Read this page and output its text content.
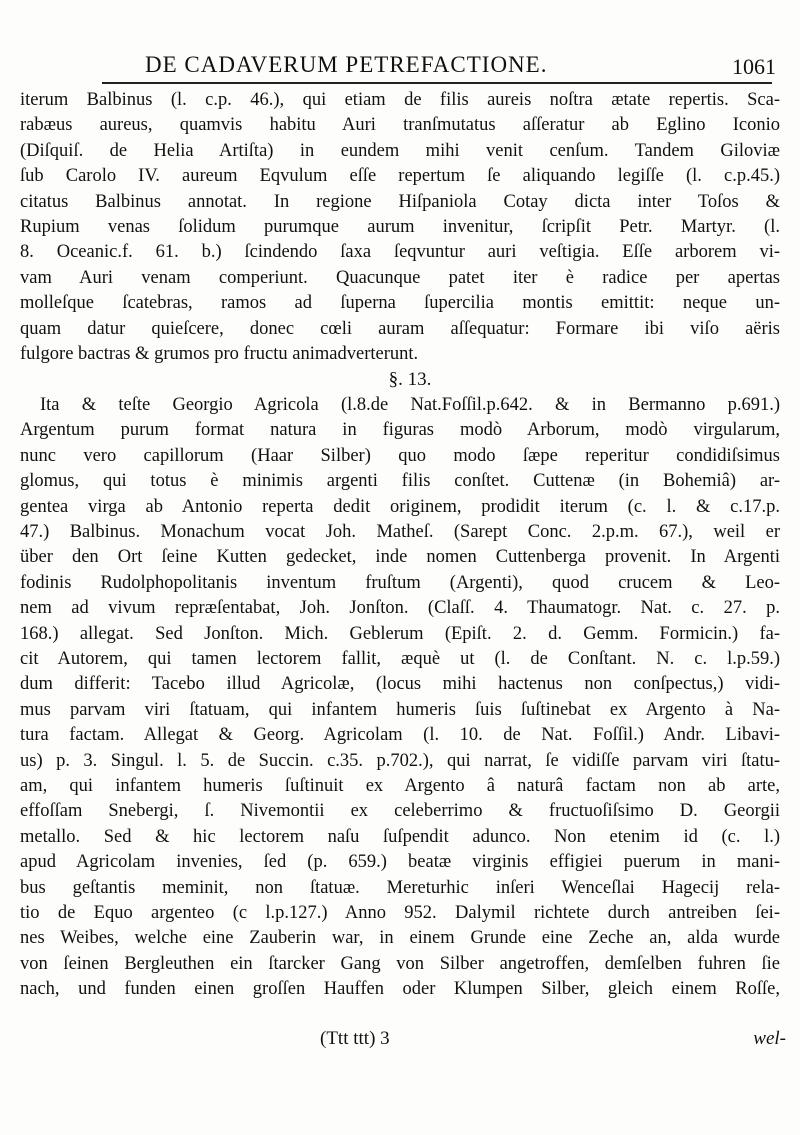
DE CADAVERUM PETREFACTIONE.	1061
iterum Balbinus (l. c.p. 46.), qui etiam de filis aureis noſtra ætate repertis. Sca-
rabæus aureus, quamvis habitu Auri tranſmutatus aſſeratur ab Eglino Iconio
(Diſquiſ. de Helia Artiſta) in eundem mihi venit cenſum. Tandem Giloviæ
ſub Carolo IV. aureum Eqvulum eſſe repertum ſe aliquando legiſſe (l. c.p.45.)
citatus Balbinus annotat. In regione Hiſpaniola Cotay dicta inter Toſos &
Rupium venas ſolidum purumque aurum invenitur, ſcripſit Petr. Martyr. (l.
8. Oceanic.f. 61. b.) ſcindendo ſaxa ſeqvuntur auri veſtigia. Eſſe arborem vi-
vam Auri venam comperiunt. Quacunque patet iter è radice per apertas
molleſque ſcatebras, ramos ad ſuperna ſupercilia montis emittit: neque un-
quam datur quieſcere, donec cœli auram aſſequatur: Formare ibi viſo aëris
fulgore bactras & grumos pro fructu animadverterunt.
§. 13.
Ita & teſte Georgio Agricola (l.8.de Nat.Foſſil.p.642. & in Bermanno p.691.)
Argentum purum format natura in figuras modò Arborum, modò virgularum,
nunc vero capillorum (Haar Silber) quo modo ſæpe reperitur condidiſsimus
glomus, qui totus è minimis argenti filis conſtet. Cuttenæ (in Bohemiâ) ar-
gentea virga ab Antonio reperta dedit originem, prodidit iterum (c. l. & c.17.p.
47.) Balbinus. Monachum vocat Joh. Matheſ. (Sarept Conc. 2.p.m. 67.), weil er
über den Ort ſeine Kutten gedecket, inde nomen Cuttenberga provenit. In Argenti
fodinis Rudolphopolitanis inventum fruſtum (Argenti), quod crucem & Leo-
nem ad vivum repræſentabat, Joh. Jonſton. (Claſſ. 4. Thaumatogr. Nat. c. 27. p.
168.) allegat. Sed Jonſton. Mich. Geblerum (Epiſt. 2. d. Gemm. Formicin.) fa-
cit Autorem, qui tamen lectorem fallit, æquè ut (l. de Conſtant. N. c. l.p.59.)
dum differit: Tacebo illud Agricolæ, (locus mihi hactenus non conſpectus,) vidi-
mus parvam viri ſtatuam, qui infantem humeris ſuis ſuſtinebat ex Argento à Na-
tura factam. Allegat & Georg. Agricolam (l. 10. de Nat. Foſſil.) Andr. Libavi-
us) p. 3. Singul. l. 5. de Succin. c.35. p.702.), qui narrat, ſe vidiſſe parvam viri ſtatu-
am, qui infantem humeris ſuſtinuit ex Argento â naturâ factam non ab arte,
effoſſam Snebergi, ſ. Nivemontii ex celeberrimo & fructuoſiſsimo D. Georgii
metallo. Sed & hic lectorem naſu ſuſpendit adunco. Non etenim id (c. l.)
apud Agricolam invenies, ſed (p. 659.) beatæ virginis effigiei puerum in mani-
bus geſtantis meminit, non ſtatuæ. Mereturhic inſeri Wenceſlai Hagecij rela-
tio de Equo argenteo (c l.p.127.) Anno 952. Dalymil richtete durch antreiben ſei-
nes Weibes, welche eine Zauberin war, in einem Grunde eine Zeche an, alda wurde
von ſeinen Bergleuthen ein ſtarcker Gang von Silber angetroffen, demſelben fuhren ſie
nach, und funden einen groſſen Hauffen oder Klumpen Silber, gleich einem Roſſe,
(Ttt ttt) 3	wel-
